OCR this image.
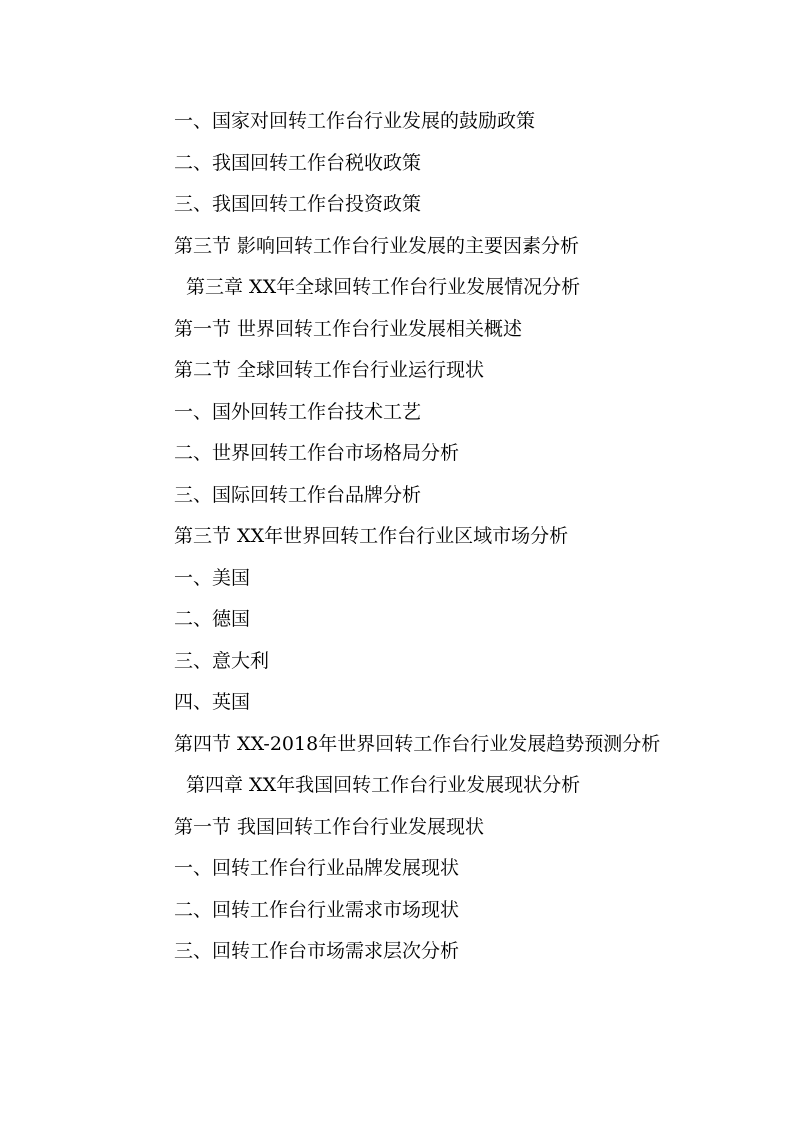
一、国家对回转工作台行业发展的鼓励政策
二、我国回转工作台税收政策
三、我国回转工作台投资政策
第三节 影响回转工作台行业发展的主要因素分析
第三章 XX年全球回转工作台行业发展情况分析
第一节 世界回转工作台行业发展相关概述
第二节 全球回转工作台行业运行现状
一、国外回转工作台技术工艺
二、世界回转工作台市场格局分析
三、国际回转工作台品牌分析
第三节 XX年世界回转工作台行业区域市场分析
一、美国
二、德国
三、意大利
四、英国
第四节 XX-2018年世界回转工作台行业发展趋势预测分析
第四章 XX年我国回转工作台行业发展现状分析
第一节 我国回转工作台行业发展现状
一、回转工作台行业品牌发展现状
二、回转工作台行业需求市场现状
三、回转工作台市场需求层次分析
